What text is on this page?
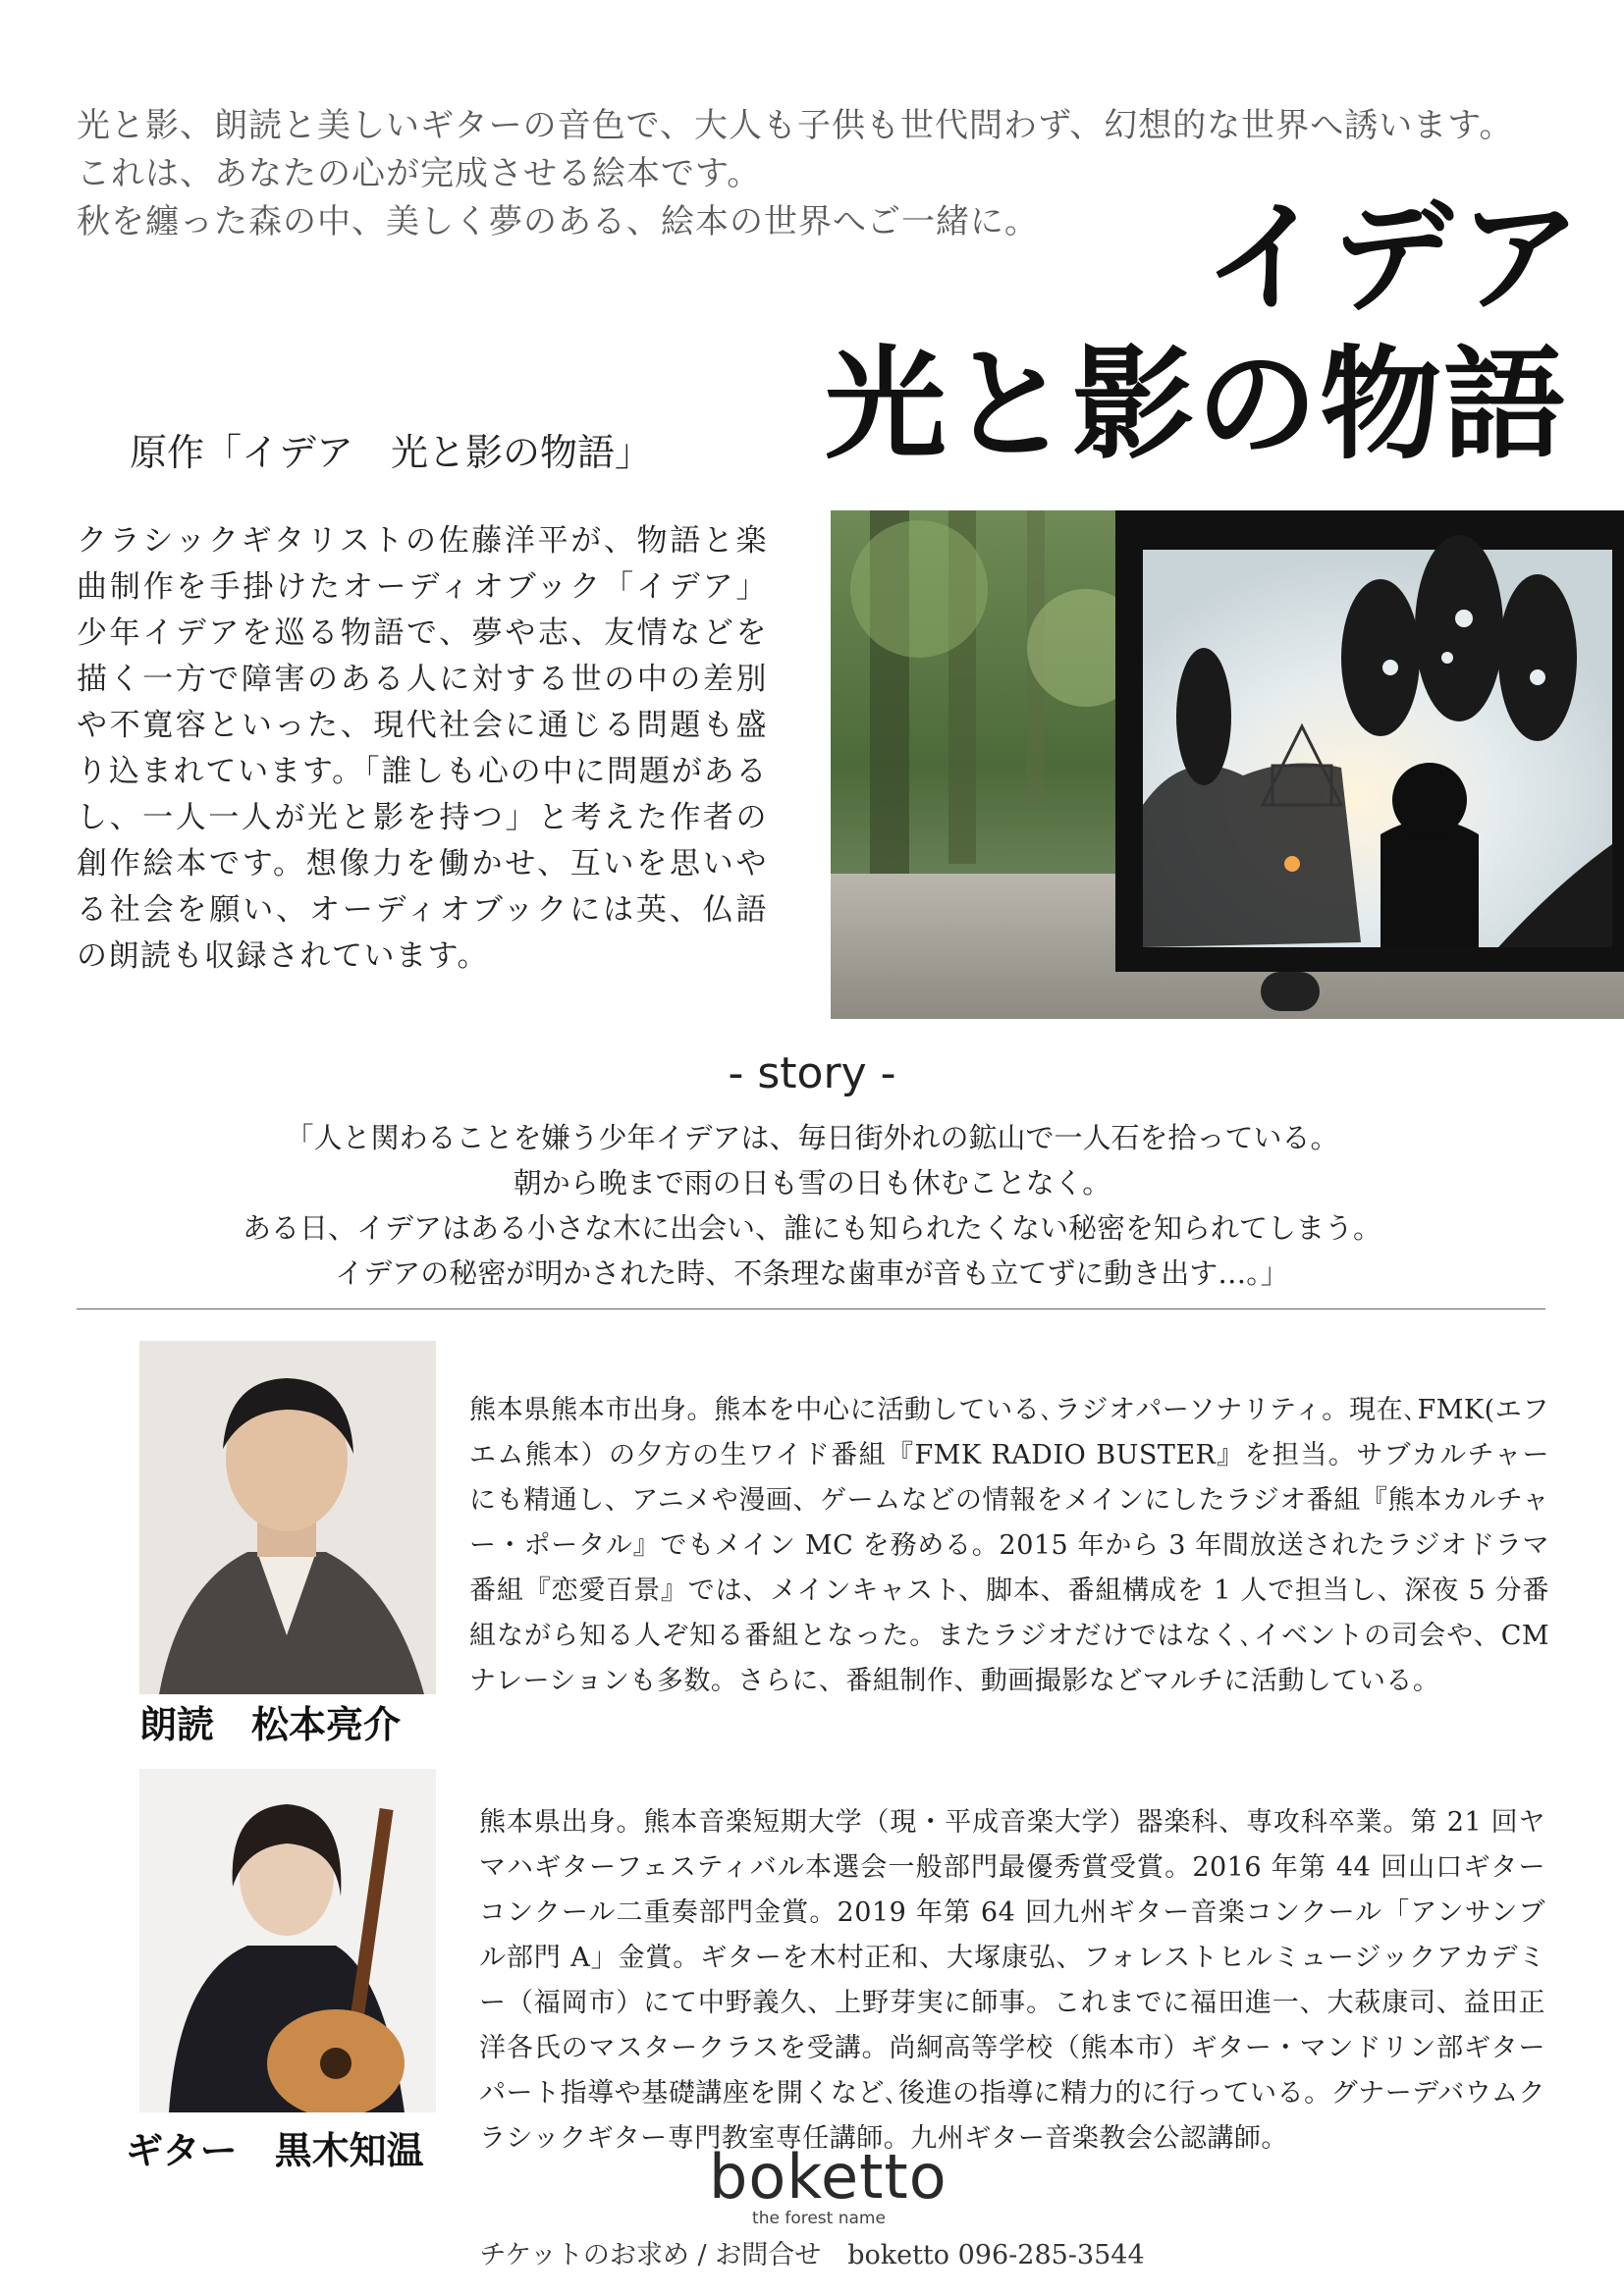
光と影、朗読と美しいギターの音色で、大人も子供も世代問わず、幻想的な世界へ誘います。
これは、あなたの心が完成させる絵本です。
秋を纏った森の中、美しく夢のある、絵本の世界へご一緒に。	イデア
光と影の物語
原作「イデア　光と影の物語」
クラシックギタリストの佐藤洋平が、物語と楽曲制作を手掛けたオーディオブック「イデア」少年イデアを巡る物語で、夢や志、友情などを描く一方で障害のある人に対する世の中の差別や不寛容といった、現代社会に通じる問題も盛り込まれています。「誰しも心の中に問題があるし、一人一人が光と影を持つ」と考えた作者の創作絵本です。想像力を働かせ、互いを思いやる社会を願い、オーディオブックには英、仏語の朗読も収録されています。
- story -
「人と関わることを嫌う少年イデアは、毎日街外れの鉱山で一人石を拾っている。
朝から晩まで雨の日も雪の日も休むことなく。
ある日、イデアはある小さな木に出会い、誰にも知られたくない秘密を知られてしまう。
イデアの秘密が明かされた時、不条理な歯車が音も立てずに動き出す…。」
熊本県熊本市出身。熊本を中心に活動している､ラジオパーソナリティ。現在､FMK(エフエム熊本）の夕方の生ワイド番組『FMK RADIO BUSTER』を担当。サブカルチャーにも精通し、アニメや漫画、ゲームなどの情報をメインにしたラジオ番組『熊本カルチャー・ポータル』でもメイン MC を務める。2015 年から 3 年間放送されたラジオドラマ番組『恋愛百景』では、メインキャスト、脚本、番組構成を 1 人で担当し、深夜 5 分番組ながら知る人ぞ知る番組となった。またラジオだけではなく､イベントの司会や、CMナレーションも多数。さらに、番組制作、動画撮影などマルチに活動している。
朗読　松本亮介
熊本県出身。熊本音楽短期大学（現・平成音楽大学）器楽科、専攻科卒業。第 21 回ヤマハギターフェスティバル本選会一般部門最優秀賞受賞。2016 年第 44 回山口ギターコンクール二重奏部門金賞。2019 年第 64 回九州ギター音楽コンクール「アンサンブル部門 A」金賞。ギターを木村正和、大塚康弘、フォレストヒルミュージックアカデミー（福岡市）にて中野義久、上野芽実に師事。これまでに福田進一、大萩康司、益田正洋各氏のマスタークラスを受講。尚絅高等学校（熊本市）ギター・マンドリン部ギターパート指導や基礎講座を開くなど､後進の指導に精力的に行っている。グナーデバウムクラシックギター専門教室専任講師。九州ギター音楽教会公認講師。
ギター　黒木知温	boketto
the forest name
チケットのお求め / お問合せ　boketto 096-285-3544
